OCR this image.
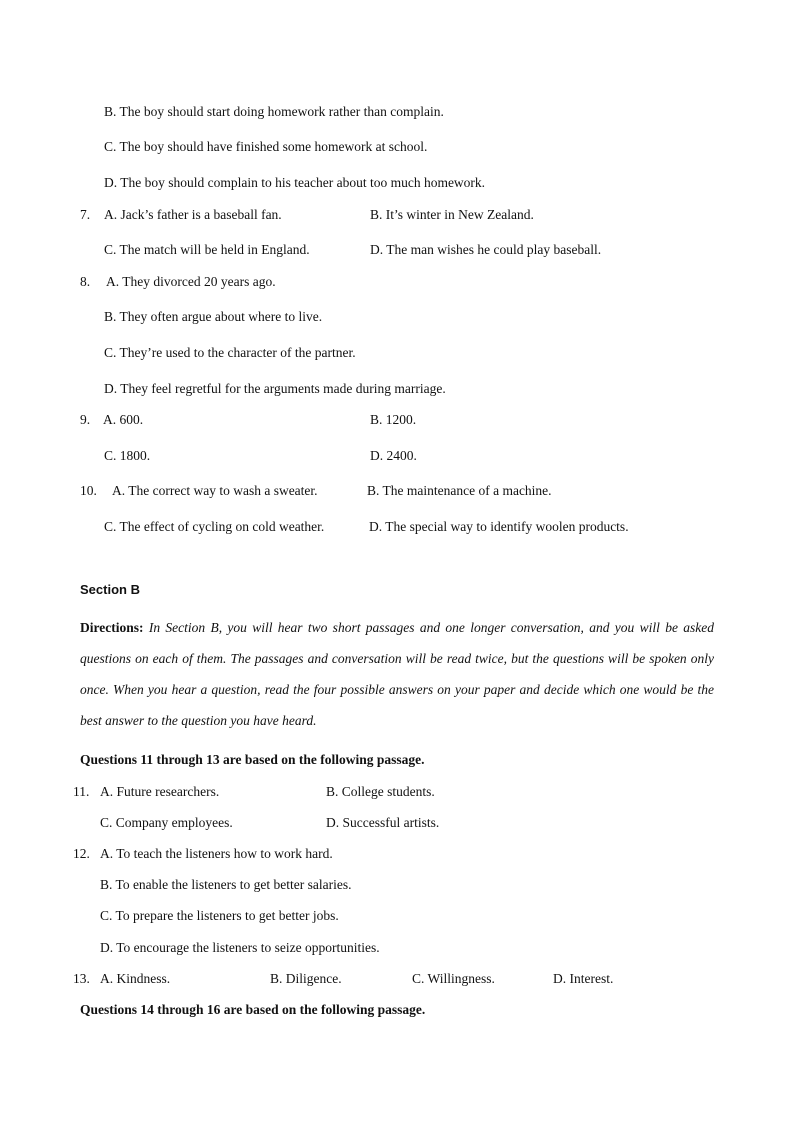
B. The boy should start doing homework rather than complain.
C. The boy should have finished some homework at school.
D. The boy should complain to his teacher about too much homework.
7. A. Jack’s father is a baseball fan.	B. It’s winter in New Zealand.
C. The match will be held in England.	D. The man wishes he could play baseball.
8. A. They divorced 20 years ago.
B. They often argue about where to live.
C. They’re used to the character of the partner.
D. They feel regretful for the arguments made during marriage.
9. A. 600.	B. 1200.
C. 1800.	D. 2400.
10. A. The correct way to wash a sweater.	B. The maintenance of a machine.
C. The effect of cycling on cold weather.	D. The special way to identify woolen products.
Section B
Directions: In Section B, you will hear two short passages and one longer conversation, and you will be asked questions on each of them. The passages and conversation will be read twice, but the questions will be spoken only once. When you hear a question, read the four possible answers on your paper and decide which one would be the best answer to the question you have heard.
Questions 11 through 13 are based on the following passage.
11. A. Future researchers.	B. College students.
C. Company employees.	D. Successful artists.
12. A. To teach the listeners how to work hard.
B. To enable the listeners to get better salaries.
C. To prepare the listeners to get better jobs.
D. To encourage the listeners to seize opportunities.
13. A. Kindness.	B. Diligence.	C. Willingness.	D. Interest.
Questions 14 through 16 are based on the following passage.
